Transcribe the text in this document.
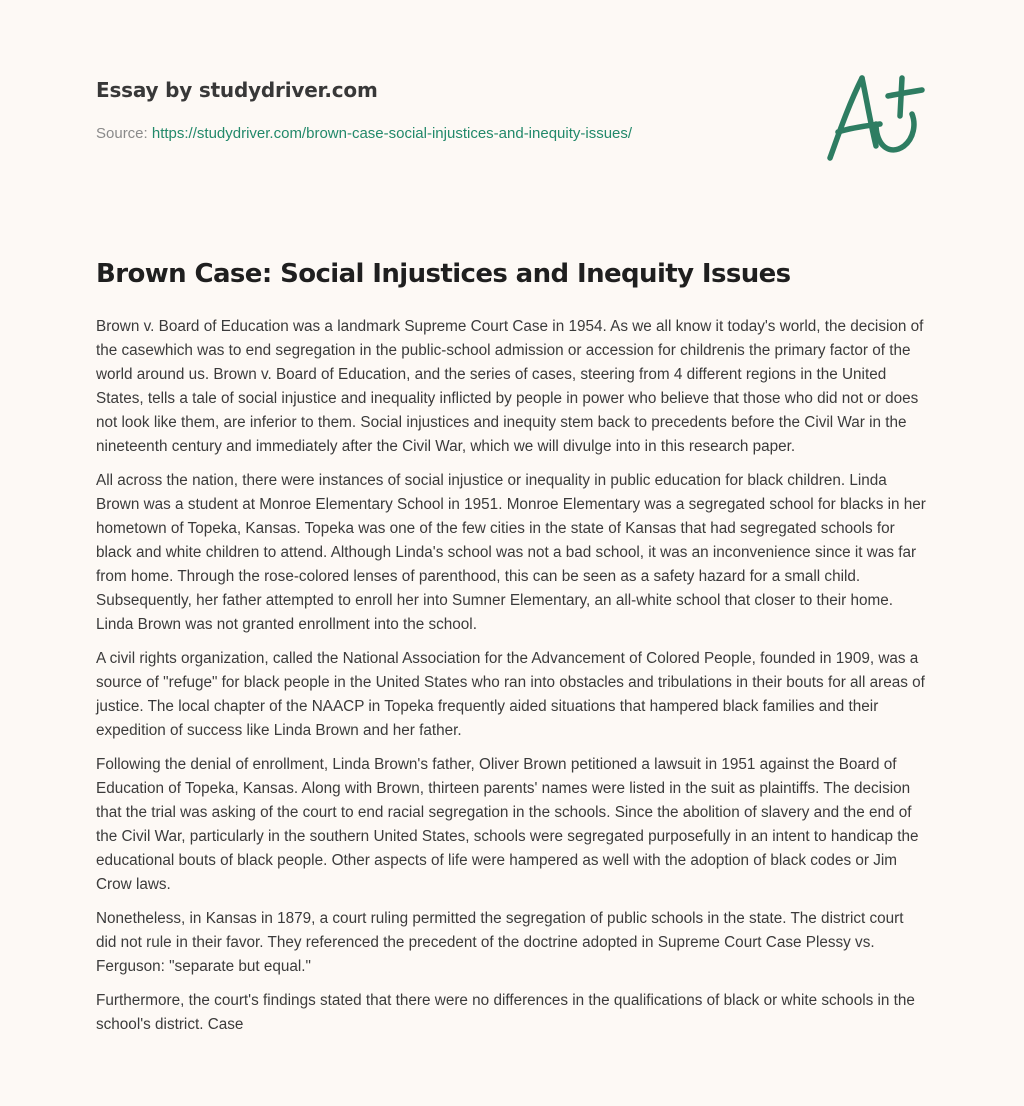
Essay by studydriver.com
Source: https://studydriver.com/brown-case-social-injustices-and-inequity-issues/
Brown Case: Social Injustices and Inequity Issues

Brown v. Board of Education was a landmark Supreme Court Case in 1954. As we all know it today's world, the decision of the casewhich was to end segregation in the public-school admission or accession for childrenis the primary factor of the world around us. Brown v. Board of Education, and the series of cases, steering from 4 different regions in the United States, tells a tale of social injustice and inequality inflicted by people in power who believe that those who did not or does not look like them, are inferior to them. Social injustices and inequity stem back to precedents before the Civil War in the nineteenth century and immediately after the Civil War, which we will divulge into in this research paper.

All across the nation, there were instances of social injustice or inequality in public education for black children. Linda Brown was a student at Monroe Elementary School in 1951. Monroe Elementary was a segregated school for blacks in her hometown of Topeka, Kansas. Topeka was one of the few cities in the state of Kansas that had segregated schools for black and white children to attend. Although Linda's school was not a bad school, it was an inconvenience since it was far from home. Through the rose-colored lenses of parenthood, this can be seen as a safety hazard for a small child. Subsequently, her father attempted to enroll her into Sumner Elementary, an all-white school that closer to their home. Linda Brown was not granted enrollment into the school.

A civil rights organization, called the National Association for the Advancement of Colored People, founded in 1909, was a source of "refuge" for black people in the United States who ran into obstacles and tribulations in their bouts for all areas of justice. The local chapter of the NAACP in Topeka frequently aided situations that hampered black families and their expedition of success like Linda Brown and her father.

Following the denial of enrollment, Linda Brown's father, Oliver Brown petitioned a lawsuit in 1951 against the Board of Education of Topeka, Kansas. Along with Brown, thirteen parents' names were listed in the suit as plaintiffs. The decision that the trial was asking of the court to end racial segregation in the schools. Since the abolition of slavery and the end of the Civil War, particularly in the southern United States, schools were segregated purposefully in an intent to handicap the educational bouts of black people. Other aspects of life were hampered as well with the adoption of black codes or Jim Crow laws.

Nonetheless, in Kansas in 1879, a court ruling permitted the segregation of public schools in the state. The district court did not rule in their favor. They referenced the precedent of the doctrine adopted in Supreme Court Case Plessy vs. Ferguson: "separate but equal."

Furthermore, the court's findings stated that there were no differences in the qualifications of black or white schools in the school's district. Case
